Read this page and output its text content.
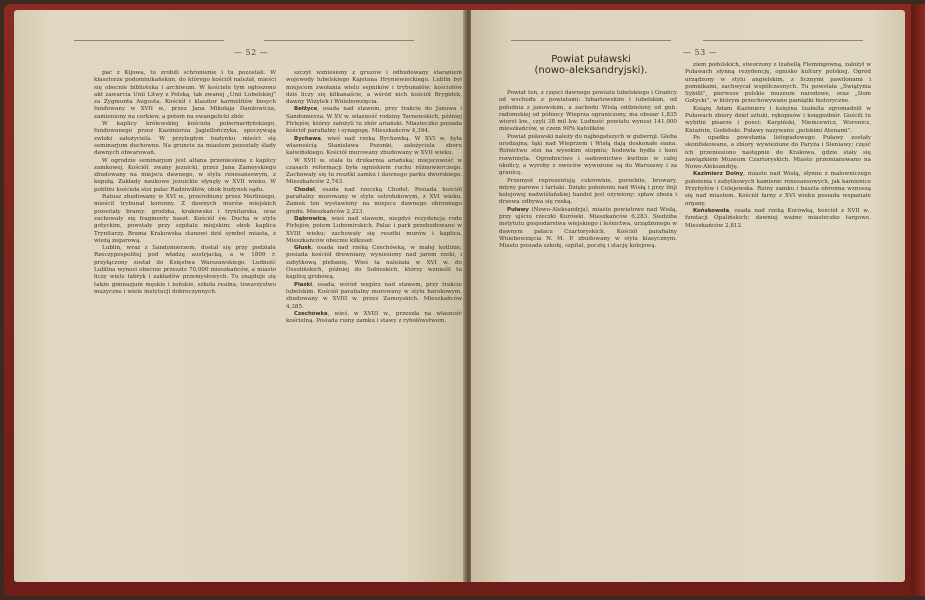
— 52 —

pać z Kijowa, tu zrobili schronienie i tu pozostali. W klasztorze podominikańskim, do którego kościół należał, mieści się obecnie biblioteka i archiwum. W kościele tym ogłoszono akt zawarcia Unii Litwy z Polską, tak zwanej „Unii Lubelskiej” za Zygmunta Augusta. Kościół i klasztor karmelitów bosych fundowany w XVII w., przez Jana Mikołaja Daniłowicza, zamieniony na cerkiew, a potem na ewangelicki zbór.

W kaplicy królewskiej kościoła pobernardyńskiego, fundowanego przez Kazimierza Jagiellończyka, spoczywają zwłoki założyciela. W przyległym budynku mieści się seminarjum duchowne. Na gruncie za miastem pozostały ślady dawnych obwarowań.

W ogrodzie seminarjum jest altana przeniesiona z kaplicy zamkowej. Kościół, zwany jezuicki, przez Jana Zamoyskiego zbudowany na miejscu dawnego, w stylu renesansowym, z kopułą. Zakłady naukowe jezuickie słynęły w XVII wieku. W pobliżu kościoła stoi pałac Radziwiłłów, obok budynek sądu.

Ratusz zbudowany w XVI w., przerobiony przez Merliniego, mieścił trybunał koronny. Z dawnych murów miejskich pozostały bramy: grodzka, krakowska i trynitarska, oraz zachowały się fragmenty baszt. Kościół św. Ducha w stylu gotyckim, powstały przy szpitalu miejskim; obok kaplica Trynitarzy. Brama Krakowska stanowi dziś symbol miasta, z wieżą zegarową.

Lublin, wraz z Sandomierzem, dostał się przy podziale Rzeczypospolitej pod władzę austrjacką, a w 1809 r. przyłączony został do Księstwa Warszawskiego. Ludność Lublina wynosi obecnie przeszło 70,000 mieszkańców, a miasto liczy wiele fabryk i zakładów przemysłowych. Tu znajduje się także gimnazjum męskie i żeńskie, szkoła realna, towarzystwo muzyczne i wiele instytucji dobroczynnych.

szczyt wzniesiony z gruzów i odbudowany staraniem wojewody lubelskiego Kajetana Hryniewieckiego. Lublin był miejscem zwołania wielu sejmików i trybunałów; kościołów dziś liczy się kilkanaście, a wśród nich kościół Brygidek, dawny Wizytek i Wniebowzięcia.

Bełżyce, osada nad stawem, przy trakcie do Janowa i Sandomierza. W XV w. własność rodziny Tarnowskich, później Firlejów, którzy założyli tu zbór ariański. Miasteczko posiada kościół parafialny i synagogę. Mieszkańców 4,394.

Bychawa, wieś nad rzeką Bychawką. W XVI w. była własnością Stanisława Pszonki, założyciela zboru kalwińskiego. Kościół murowany zbudowany w XVII wieku.

W XVII w. stała tu drukarnia ariańska; miejscowość w czasach reformacji była ogniskiem ruchu różnowierczego. Zachowały się tu resztki zamku i dawnego parku dworskiego. Mieszkańców 2,743.

Chodel, osada nad rzeczką Chodel. Posiada kościół parafialny murowany w stylu ostrołukowym, z XVI wieku. Zamek ten wystawiony na miejscu dawnego obronnego grodu. Mieszkańców 2,223.

Dąbrowica, wieś nad stawem, niegdyś rezydencja rodu Firlejów, potem Lubomirskich. Pałac i park przebudowane w XVIII wieku; zachowały się resztki murów i kaplica. Mieszkańców obecnie kilkuset.

Głusk, osada nad rzeką Czechówką, w małej kotlinie; posiada kościół drewniany, wyniesiony nad jarem rzeki, i zabytkową plebanię. Wieś ta należała w XVI w. do Ossolińskich, później do Sobieskich, którzy wznieśli tu kaplicę grobową.

Piaski, osada, wśród wzgórz nad stawem, przy trakcie lubelskim. Kościół parafialny murowany w stylu barokowym, zbudowany w XVIII w. przez Zamoyskich. Mieszkańców 4,385.

Czechówka, wieś, w XVIII w., przeszła na własność kościelną. Posiada ruiny zamku i stawy z rybołówstwem.

— 53 —
Powiat puławski
(nowo-aleksandryjski).

Powiat ten, z części dawnego powiatu lubelskiego i Granicy od wschodu z powiatami: lubartowskim i lubelskim, od południa z janowskim, a zachodu Wisłą oddzielony od gub. radomskiej od północy Wieprza ograniczony, ma obszar 1,835 wiorst kw., czyli 38 mil kw. Ludność powiatu wynosi 141,000 mieszkańców, w czem 90% katolików.

Powiat puławski należy do najbogatszych w gubernji. Gleba urodzajna, łąki nad Wieprzem i Wisłą dają doskonałe siana. Rolnictwo stoi na wysokim stopniu; hodowla bydła i koni rozwinięta. Ogrodnictwo i sadownictwo kwitnie w całej okolicy, a wyroby z owoców wywożone są do Warszawy i za granicę.

Przemysł reprezentują cukrownie, gorzelnie, browary, młyny parowe i tartaki. Dzięki położeniu nad Wisłą i przy linji kolejowej nadwiślańskiej handel jest ożywiony; spław zboża i drzewa odbywa się rzeką.

Puławy (Nowo-Aleksandrja), miasto powiatowe nad Wisłą, przy ujściu rzeczki Kurówki. Mieszkańców 6,283. Siedziba instytutu gospodarstwa wiejskiego i leśnictwa, urządzonego w dawnym pałacu Czartoryskich. Kościół parafialny Wniebowzięcia N. M. P. zbudowany w stylu klasycznym. Miasto posiada szkołę, szpital, pocztę i stację kolejową.

ziem podolskich, stworzony z Izabellą Flemingówną, założył w Puławach słynną rezydencję, ognisko kultury polskiej. Ogród urządzony w stylu angielskim, z licznymi pawilonami i pomnikami, zachwycał współczesnych. Tu powstała „Świątynia Sybilli”, pierwsze polskie muzeum narodowe, oraz „Dom Gotycki”, w którym przechowywano pamiątki historyczne.

Książę Adam Kazimierz i księżna Izabella zgromadzili w Puławach zbiory dzieł sztuki, rękopisów i księgozbiór. Gościli tu wybitni pisarze i poeci: Karpiński, Niemcewicz, Woronicz, Kniaźnin, Godebski. Puławy nazywano „polskimi Atenami”.

Po upadku powstania listopadowego Puławy zostały skonfiskowane, a zbiory wywiezione do Paryża i Sieniawy; część ich przeniesiono następnie do Krakowa, gdzie stały się zawiązkiem Muzeum Czartoryskich. Miasto przemianowano na Nowo-Aleksandrję.

Kazimierz Dolny, miasto nad Wisłą, słynne z malowniczego położenia i zabytkowych kamienic renesansowych, jak kamienice Przybyłów i Celejowska. Ruiny zamku i baszta obronna wznoszą się nad miastem. Kościół farny z XVI wieku posiada wspaniałe organy.

Końskowola, osada nad rzeką Kurówką, kościół z XVII w., fundacji Opalińskich; dawniej ważne miasteczko targowe. Mieszkańców 2,812.
